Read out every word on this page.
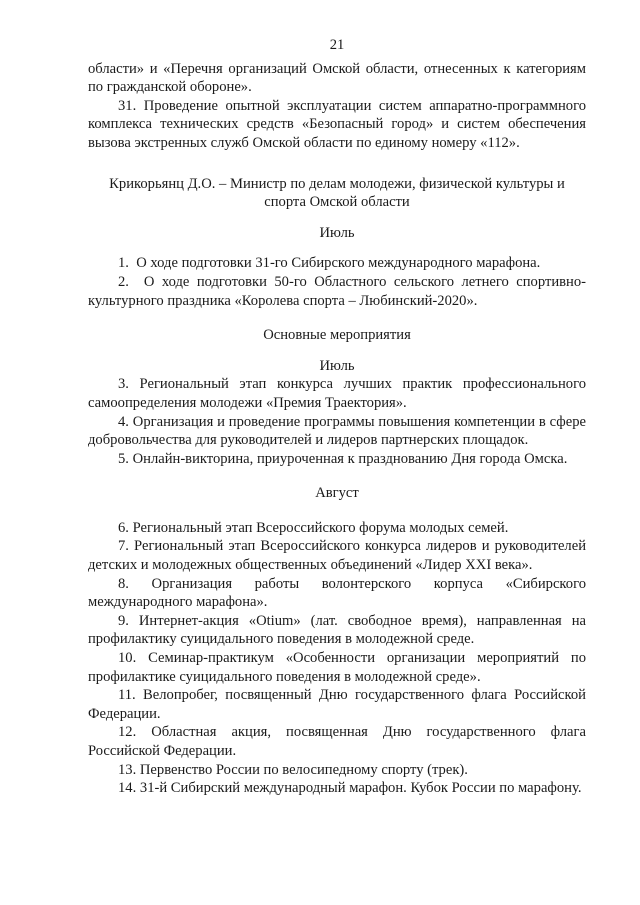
21

области» и «Перечня организаций Омской области, отнесенных к категориям по гражданской обороне».

31. Проведение опытной эксплуатации систем аппаратно-программного комплекса технических средств «Безопасный город» и систем обеспечения вызова экстренных служб Омской области по единому номеру «112».

Крикорьянц Д.О. – Министр по делам молодежи, физической культуры и спорта Омской области

Июль

1.  О ходе подготовки 31-го Сибирского международного марафона.

2.  О ходе подготовки 50-го Областного сельского летнего спортивно-культурного праздника «Королева спорта – Любинский-2020».

Основные мероприятия

Июль

3. Региональный этап конкурса лучших практик профессионального самоопределения молодежи «Премия Траектория».

4. Организация и проведение программы повышения компетенции в сфере добровольчества для руководителей и лидеров партнерских площадок.

5. Онлайн-викторина, приуроченная к празднованию Дня города Омска.

Август

6. Региональный этап Всероссийского форума молодых семей.

7. Региональный этап Всероссийского конкурса лидеров и руководителей детских и молодежных общественных объединений «Лидер XXI века».

8. Организация работы волонтерского корпуса «Сибирского международного марафона».

9. Интернет-акция «Otium» (лат. свободное время), направленная на профилактику суицидального поведения в молодежной среде.

10. Семинар-практикум «Особенности организации мероприятий по профилактике суицидального поведения в молодежной среде».

11. Велопробег, посвященный Дню государственного флага Российской Федерации.

12. Областная акция, посвященная Дню государственного флага Российской Федерации.

13. Первенство России по велосипедному спорту (трек).

14. 31-й Сибирский международный марафон. Кубок России по марафону.
